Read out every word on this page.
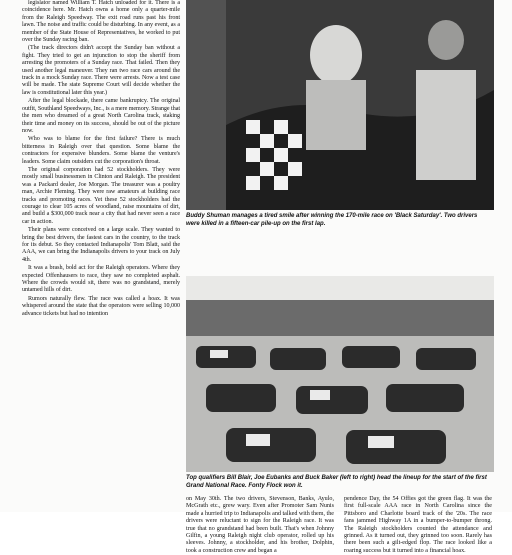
legislator named William T. Hatch unloaded for it. There is a coincidence here. Mr. Hatch owns a home only a quarter-mile from the Raleigh Speedway. The exit road runs past his front lawn. The noise and traffic could be disturbing. In any event, as a member of the State House of Representatives, he worked to put over the Sunday racing ban.

(The track directors didn't accept the Sunday ban without a fight. They tried to get an injunction to stop the sheriff from arresting the promoters of a Sunday race. That failed. Then they used another legal maneuver. They ran two race cars around the track in a mock Sunday race. There were arrests. Now a test case will be made. The state Supreme Court will decide whether the law is constitutional later this year.)

After the legal blockade, there came bankruptcy. The original outfit, Southland Speedways, Inc., is a mere memory. Strange that the men who dreamed of a great North Carolina track, staking their time and money on its success, should be out of the picture now.

Who was to blame for the first failure? There is much bitterness in Raleigh over that question. Some blame the contractors for expensive blunders. Some blame the venture's leaders. Some claim outsiders cut the corporation's throat.

The original corporation had 52 stockholders. They were mostly small businessmen in Clinton and Raleigh. The president was a Packard dealer, Joe Morgan. The treasurer was a poultry man, Archie Fleming. They were raw amateurs at building race tracks and promoting races. Yet these 52 stockholders had the courage to clear 105 acres of woodland, raise mountains of dirt, and build a $300,000 track near a city that had never seen a race car in action.

Their plans were conceived on a large scale. They wanted to bring the best drivers, the fastest cars in the country, to the track for its debut. So they contacted Indianapolis' Tom Blatt, said the AAA, we can bring the Indianapolis drivers to your track on July 4th.

It was a brash, bold act for the Raleigh operators. Where they expected Offenhausers to race, they saw no completed asphalt. Where the crowds would sit, there was no grandstand, merely untamed hills of dirt.

Rumors naturally flew. The race was called a hoax. It was whispered around the state that the operators were selling 10,000 advance tickets but had no intention

Buddy Shuman manages a tired smile after winning the 170-mile race on 'Black Saturday'. Two drivers were killed in a fifteen-car pile-up on the first lap.
Top qualifiers Bill Blair, Joe Eubanks and Buck Baker (left to right) head the lineup for the start of the first Grand National Race. Fonty Flock won it.

on May 30th. The two drivers, Stevenson, Banks, Ayulo, McGrath etc., grew wary. Even after Promoter Sam Nunis made a hurried trip to Indianapolis and talked with them, the drivers were reluctant to sign for the Raleigh race. It was true that no grandstand had been built. That's when Johnny Gilfin, a young Raleigh night club operator, rolled up his sleeves. Johnny, a stockholder, and his brother, Dolphin, took a construction crew and began a

pendence Day, the 54 Offies got the green flag. It was the first full-scale AAA race in North Carolina since the Pittsboro and Charlotte board track of the '20s. The race fans jammed Highway 1A in a bumper-to-bumper throng. The Raleigh stockholders counted the attendance and grinned. As it turned out, they grinned too soon. Rarely has there been such a gilt-edged flop. The race looked like a roaring success but it turned into a financial hoax.
